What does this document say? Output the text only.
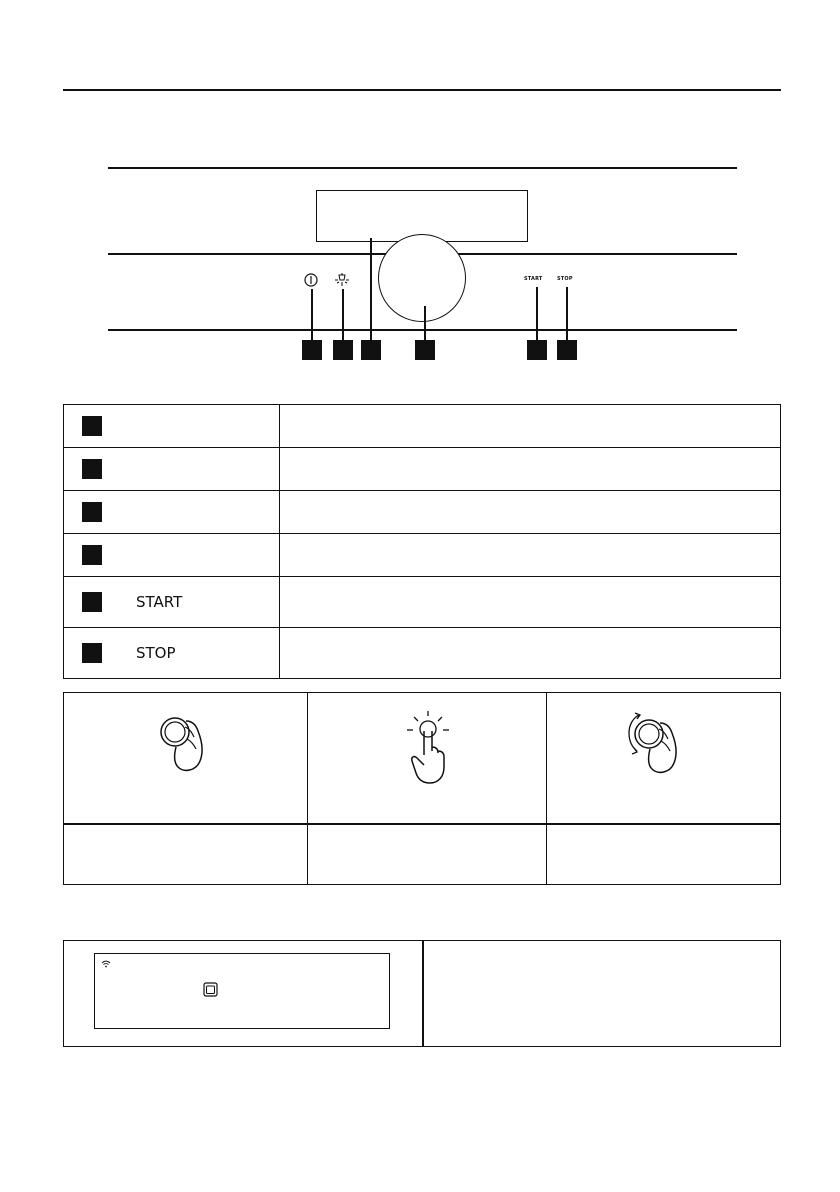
START	STOP
START
STOP
